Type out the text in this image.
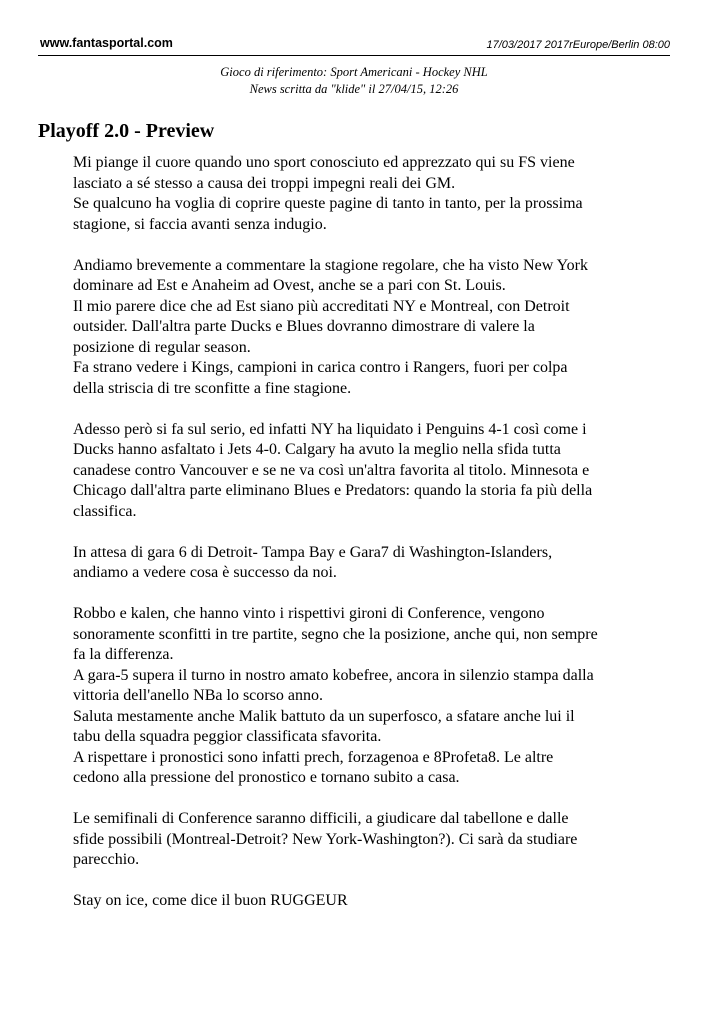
www.fantasportal.com	17/03/2017 2017rEurope/Berlin 08:00
Gioco di riferimento: Sport Americani - Hockey NHL
News scritta da "klide" il 27/04/15, 12:26
Playoff 2.0 - Preview

Mi piange il cuore quando uno sport conosciuto ed apprezzato qui su FS viene
lasciato a sé stesso a causa dei troppi impegni reali dei GM.
Se qualcuno ha voglia di coprire queste pagine di tanto in tanto, per la prossima
stagione, si faccia avanti senza indugio.

Andiamo brevemente a commentare la stagione regolare, che ha visto New York
dominare ad Est e Anaheim ad Ovest, anche se a pari con St. Louis.
Il mio parere dice che ad Est siano più accreditati NY e Montreal, con Detroit
outsider. Dall'altra parte Ducks e Blues dovranno dimostrare di valere la
posizione di regular season.
Fa strano vedere i Kings, campioni in carica contro i Rangers, fuori per colpa
della striscia di tre sconfitte a fine stagione.

Adesso però si fa sul serio, ed infatti NY ha liquidato i Penguins 4-1 così come i
Ducks hanno asfaltato i Jets 4-0. Calgary ha avuto la meglio nella sfida tutta
canadese contro Vancouver e se ne va così un'altra favorita al titolo. Minnesota e
Chicago dall'altra parte eliminano Blues e Predators: quando la storia fa più della
classifica.

In attesa di gara 6 di Detroit- Tampa Bay e Gara7 di Washington-Islanders,
andiamo a vedere cosa è successo da noi.

Robbo e kalen, che hanno vinto i rispettivi gironi di Conference, vengono
sonoramente sconfitti in tre partite, segno che la posizione, anche qui, non sempre
fa la differenza.
A gara-5 supera il turno in nostro amato kobefree, ancora in silenzio stampa dalla
vittoria dell'anello NBa lo scorso anno.
Saluta mestamente anche Malik battuto da un superfosco, a sfatare anche lui il
tabu della squadra peggior classificata sfavorita.
A rispettare i pronostici sono infatti prech, forzagenoa e 8Profeta8. Le altre
cedono alla pressione del pronostico e tornano subito a casa.

Le semifinali di Conference saranno difficili, a giudicare dal tabellone e dalle
sfide possibili (Montreal-Detroit? New York-Washington?). Ci sarà da studiare
parecchio.

Stay on ice, come dice il buon RUGGEUR
